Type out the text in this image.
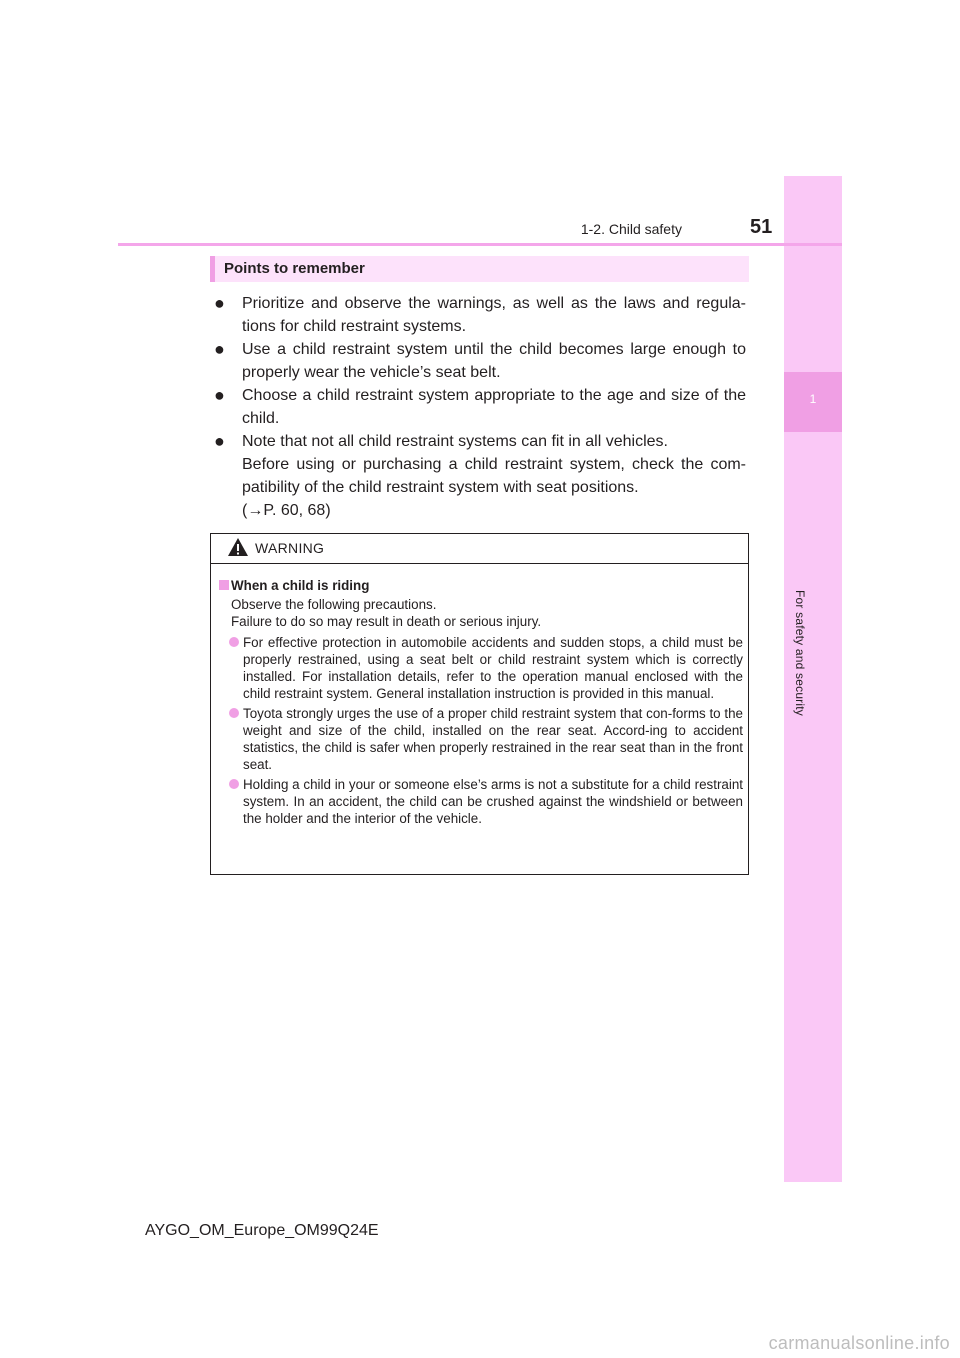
1
For safety and security
1-2. Child safety	51
Points to remember
● Prioritize and observe the warnings, as well as the laws and regula-tions for child restraint systems.

● Use a child restraint system until the child becomes large enough to properly wear the vehicle’s seat belt.

● Choose a child restraint system appropriate to the age and size of the child.

● Note that not all child restraint systems can fit in all vehicles.

Before using or purchasing a child restraint system, check the com-patibility of the child restraint system with seat positions.

(→P. 60, 68)

WARNING
When a child is riding
Observe the following precautions.
Failure to do so may result in death or serious injury.
For effective protection in automobile accidents and sudden stops, a child must be properly restrained, using a seat belt or child restraint system which is correctly installed. For installation details, refer to the operation manual enclosed with the child restraint system. General installation instruction is provided in this manual.
Toyota strongly urges the use of a proper child restraint system that con-forms to the weight and size of the child, installed on the rear seat. Accord-ing to accident statistics, the child is safer when properly restrained in the rear seat than in the front seat.
Holding a child in your or someone else’s arms is not a substitute for a child restraint system. In an accident, the child can be crushed against the windshield or between the holder and the interior of the vehicle.
AYGO_OM_Europe_OM99Q24E
carmanualsonline.info
